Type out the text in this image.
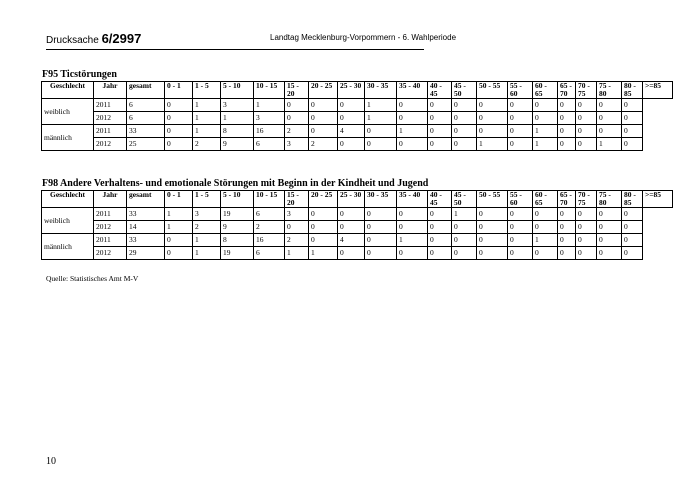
Drucksache 6/2997	Landtag Mecklenburg-Vorpommern - 6. Wahlperiode
F95 Ticstörungen
Geschlecht	Jahr	gesamt	0 - 1	1 - 5	5 - 10	10 - 15	15 - 20	20 - 25	25 - 30	30 - 35	35 - 40	40 - 45	45 - 50	50 - 55	55 - 60	60 - 65	65 - 70	70 - 75	75 - 80	80 - 85	>=85
weiblich	2011	6	0	1	3	1	0	0	0	1	0	0	0	0	0	0	0	0	0	0	
	2012	6	0	1	1	3	0	0	0	1	0	0	0	0	0	0	0	0	0	0	
männlich	2011	33	0	1	8	16	2	0	4	0	1	0	0	0	0	1	0	0	0	0	
	2012	25	0	2	9	6	3	2	0	0	0	0	0	1	0	1	0	0	1	0	
F98 Andere Verhaltens- und emotionale Störungen mit Beginn in der Kindheit und Jugend
Geschlecht	Jahr	gesamt	0 - 1	1 - 5	5 - 10	10 - 15	15 - 20	20 - 25	25 - 30	30 - 35	35 - 40	40 - 45	45 - 50	50 - 55	55 - 60	60 - 65	65 - 70	70 - 75	75 - 80	80 - 85	>=85
weiblich	2011	33	1	3	19	6	3	0	0	0	0	0	1	0	0	0	0	0	0	0	
	2012	14	1	2	9	2	0	0	0	0	0	0	0	0	0	0	0	0	0	0	
männlich	2011	33	0	1	8	16	2	0	4	0	1	0	0	0	0	1	0	0	0	0	
	2012	29	0	1	19	6	1	1	0	0	0	0	0	0	0	0	0	0	0	0	
Quelle: Statistisches Amt M-V
10
